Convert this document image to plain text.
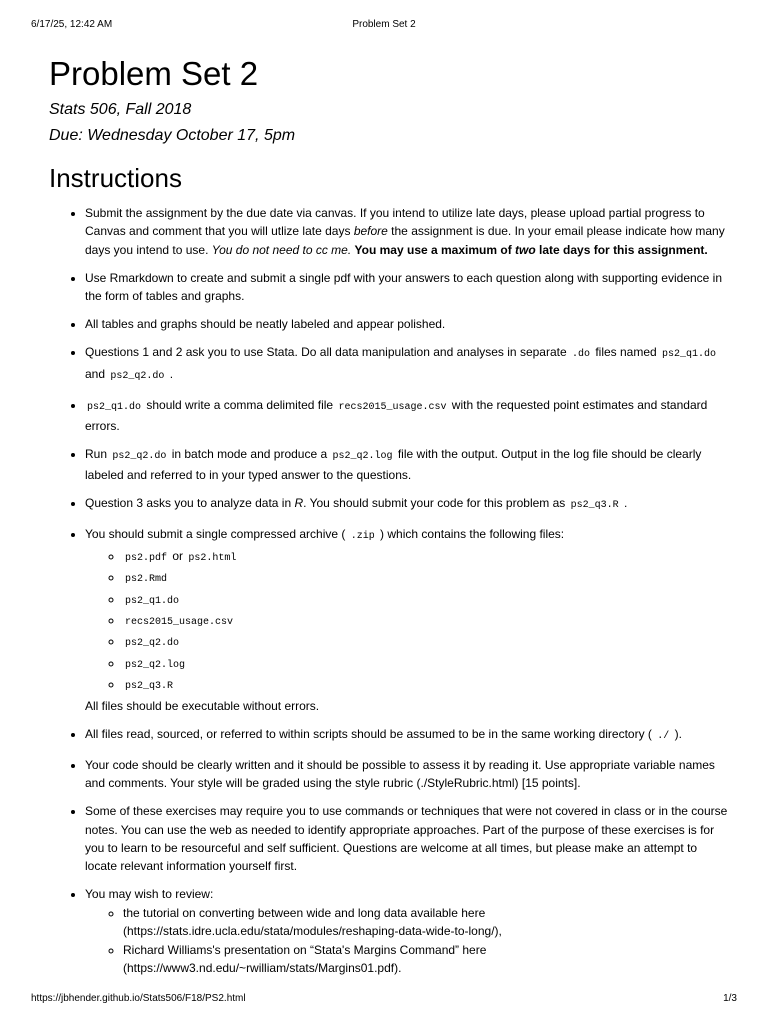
6/17/25, 12:42 AM	Problem Set 2
Problem Set 2

Stats 506, Fall 2018

Due: Wednesday October 17, 5pm

Instructions
• Submit the assignment by the due date via canvas. If you intend to utilize late days, please upload partial progress to Canvas and comment that you will utlize late days before the assignment is due. In your email please indicate how many days you intend to use. You do not need to cc me. You may use a maximum of two late days for this assignment.
• Use Rmarkdown to create and submit a single pdf with your answers to each question along with supporting evidence in the form of tables and graphs.
• All tables and graphs should be neatly labeled and appear polished.
• Questions 1 and 2 ask you to use Stata. Do all data manipulation and analyses in separate .do files named ps2_q1.do and ps2_q2.do .
• ps2_q1.do should write a comma delimited file recs2015_usage.csv with the requested point estimates and standard errors.
• Run ps2_q2.do in batch mode and produce a ps2_q2.log file with the output. Output in the log file should be clearly labeled and referred to in your typed answer to the questions.
• Question 3 asks you to analyze data in R. You should submit your code for this problem as ps2_q3.R .
• You should submit a single compressed archive ( .zip ) which contains the following files:
◦ ps2.pdf or ps2.html
◦ ps2.Rmd
◦ ps2_q1.do
◦ recs2015_usage.csv
◦ ps2_q2.do
◦ ps2_q2.log
◦ ps2_q3.R
All files should be executable without errors.
• All files read, sourced, or referred to within scripts should be assumed to be in the same working directory ( ./ ).
• Your code should be clearly written and it should be possible to assess it by reading it. Use appropriate variable names and comments. Your style will be graded using the style rubric (./StyleRubric.html) [15 points].
• Some of these exercises may require you to use commands or techniques that were not covered in class or in the course notes. You can use the web as needed to identify appropriate approaches. Part of the purpose of these exercises is for you to learn to be resourceful and self sufficient. Questions are welcome at all times, but please make an attempt to locate relevant information yourself first.
• You may wish to review:
◦ the tutorial on converting between wide and long data available here (https://stats.idre.ucla.edu/stata/modules/reshaping-data-wide-to-long/),
◦ Richard Williams's presentation on “Stata's Margins Command” here (https://www3.nd.edu/~rwilliam/stats/Margins01.pdf).
https://jbhender.github.io/Stats506/F18/PS2.html	1/3
